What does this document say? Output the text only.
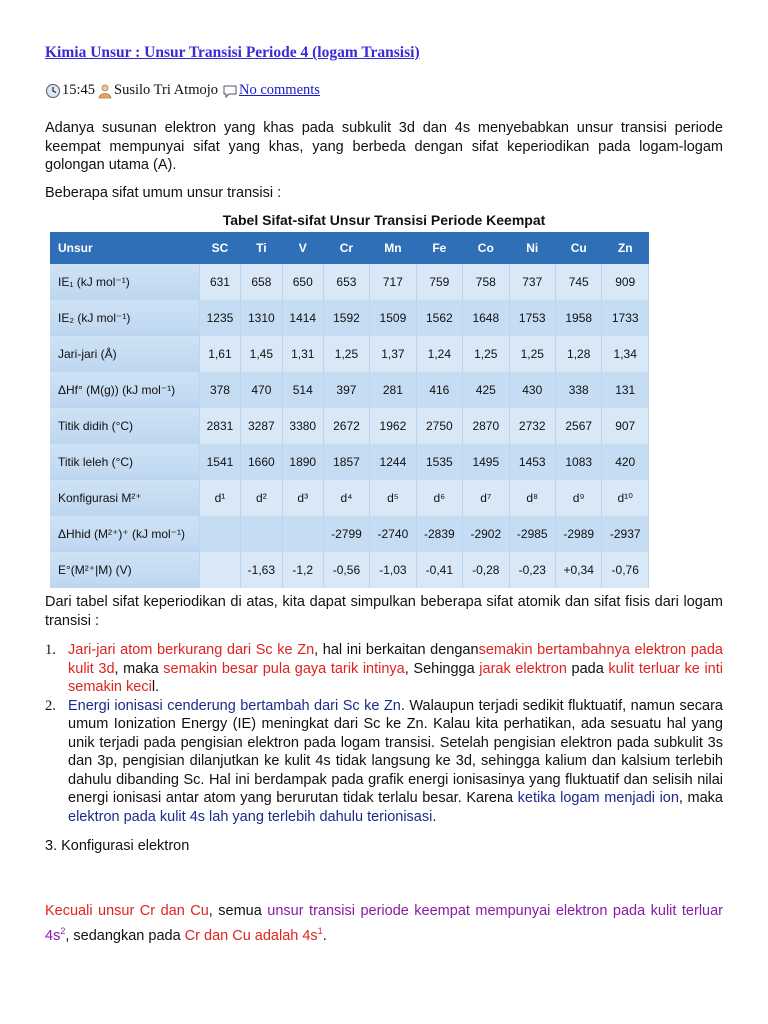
Kimia Unsur : Unsur Transisi Periode 4 (logam Transisi)
15:45 Susilo Tri Atmojo No comments

Adanya susunan elektron yang khas pada subkulit 3d dan 4s menyebabkan unsur transisi periode keempat mempunyai sifat yang khas, yang berbeda dengan sifat keperiodikan pada logam-logam golongan utama (A).

Beberapa sifat umum unsur transisi :

Tabel Sifat-sifat Unsur Transisi Periode Keempat
Unsur	SC	Ti	V	Cr	Mn	Fe	Co	Ni	Cu	Zn
IE₁ (kJ mol⁻¹)	631	658	650	653	717	759	758	737	745	909
IE₂ (kJ mol⁻¹)	1235	1310	1414	1592	1509	1562	1648	1753	1958	1733
Jari-jari (Å)	1,61	1,45	1,31	1,25	1,37	1,24	1,25	1,25	1,28	1,34
ΔHf° (M(g)) (kJ mol⁻¹)	378	470	514	397	281	416	425	430	338	131
Titik didih (°C)	2831	3287	3380	2672	1962	2750	2870	2732	2567	907
Titik leleh (°C)	1541	1660	1890	1857	1244	1535	1495	1453	1083	420
Konfigurasi M²⁺	d¹	d²	d³	d⁴	d⁵	d⁶	d⁷	d⁸	d⁹	d¹⁰
ΔHhid (M²⁺)⁺ (kJ mol⁻¹)				-2799	-2740	-2839	-2902	-2985	-2989	-2937
E°(M²⁺|M) (V)		-1,63	-1,2	-0,56	-1,03	-0,41	-0,28	-0,23	+0,34	-0,76

Dari tabel sifat keperiodikan di atas, kita dapat simpulkan beberapa sifat atomik dan sifat fisis dari logam transisi :

1. Jari-jari atom berkurang dari Sc ke Zn, hal ini berkaitan dengansemakin bertambahnya elektron pada kulit 3d, maka semakin besar pula gaya tarik intinya, Sehingga jarak elektron pada kulit terluar ke inti semakin kecil.
2. Energi ionisasi cenderung bertambah dari Sc ke Zn. Walaupun terjadi sedikit fluktuatif, namun secara umum Ionization Energy (IE) meningkat dari Sc ke Zn. Kalau kita perhatikan, ada sesuatu hal yang unik terjadi pada pengisian elektron pada logam transisi. Setelah pengisian elektron pada subkulit 3s dan 3p, pengisian dilanjutkan ke kulit 4s tidak langsung ke 3d, sehingga kalium dan kalsium terlebih dahulu dibanding Sc. Hal ini berdampak pada grafik energi ionisasinya yang fluktuatif dan selisih nilai energi ionisasi antar atom yang berurutan tidak terlalu besar. Karena ketika logam menjadi ion, maka elektron pada kulit 4s lah yang terlebih dahulu terionisasi.
3. Konfigurasi elektron

Kecuali unsur Cr dan Cu, semua unsur transisi periode keempat mempunyai elektron pada kulit terluar $4s^2$, sedangkan pada Cr dan Cu adalah $4s^1$.
